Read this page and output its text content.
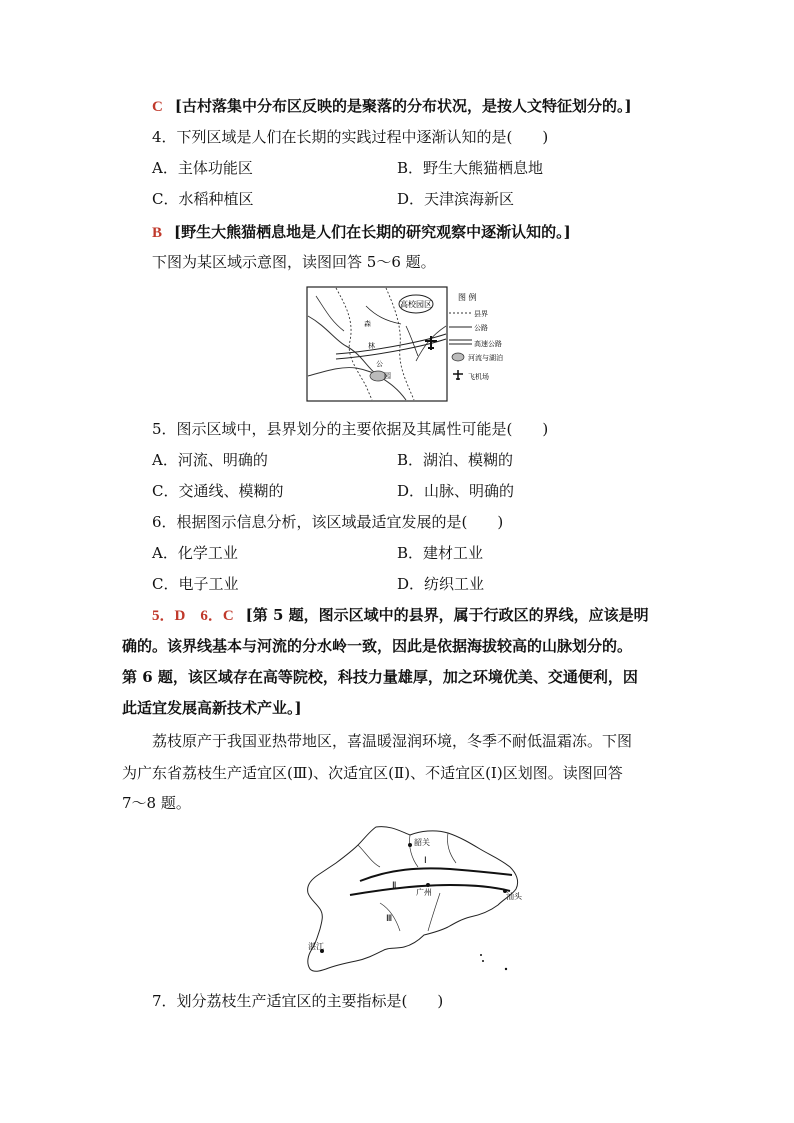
C [古村落集中分布区反映的是聚落的分布状况，是按人文特征划分的。]
4．下列区域是人们在长期的实践过程中逐渐认知的是(　　)
A．主体功能区	B．野生大熊猫栖息地
C．水稻种植区	D．天津滨海新区
B [野生大熊猫栖息地是人们在长期的研究观察中逐渐认知的。]
下图为某区域示意图，读图回答 5～6 题。
高校园区
森
林
公
园
图 例
县界
公路
高速公路
河流与湖泊
飞机场
5．图示区域中，县界划分的主要依据及其属性可能是(　　)
A．河流、明确的	B．湖泊、模糊的
C．交通线、模糊的	D．山脉、明确的
6．根据图示信息分析，该区域最适宜发展的是(　　)
A．化学工业	B．建材工业
C．电子工业	D．纺织工业
5．D　6．C [第 5 题，图示区域中的县界，属于行政区的界线，应该是明
确的。该界线基本与河流的分水岭一致，因此是依据海拔较高的山脉划分的。
第 6 题，该区域存在高等院校，科技力量雄厚，加之环境优美、交通便利，因
此适宜发展高新技术产业。]
荔枝原产于我国亚热带地区，喜温暖湿润环境，冬季不耐低温霜冻。下图
为广东省荔枝生产适宜区(Ⅲ)、次适宜区(Ⅱ)、不适宜区(Ⅰ)区划图。读图回答
7～8 题。
韶关
广州	汕头
湛江
Ⅰ
Ⅱ
Ⅲ
7．划分荔枝生产适宜区的主要指标是(　　)
